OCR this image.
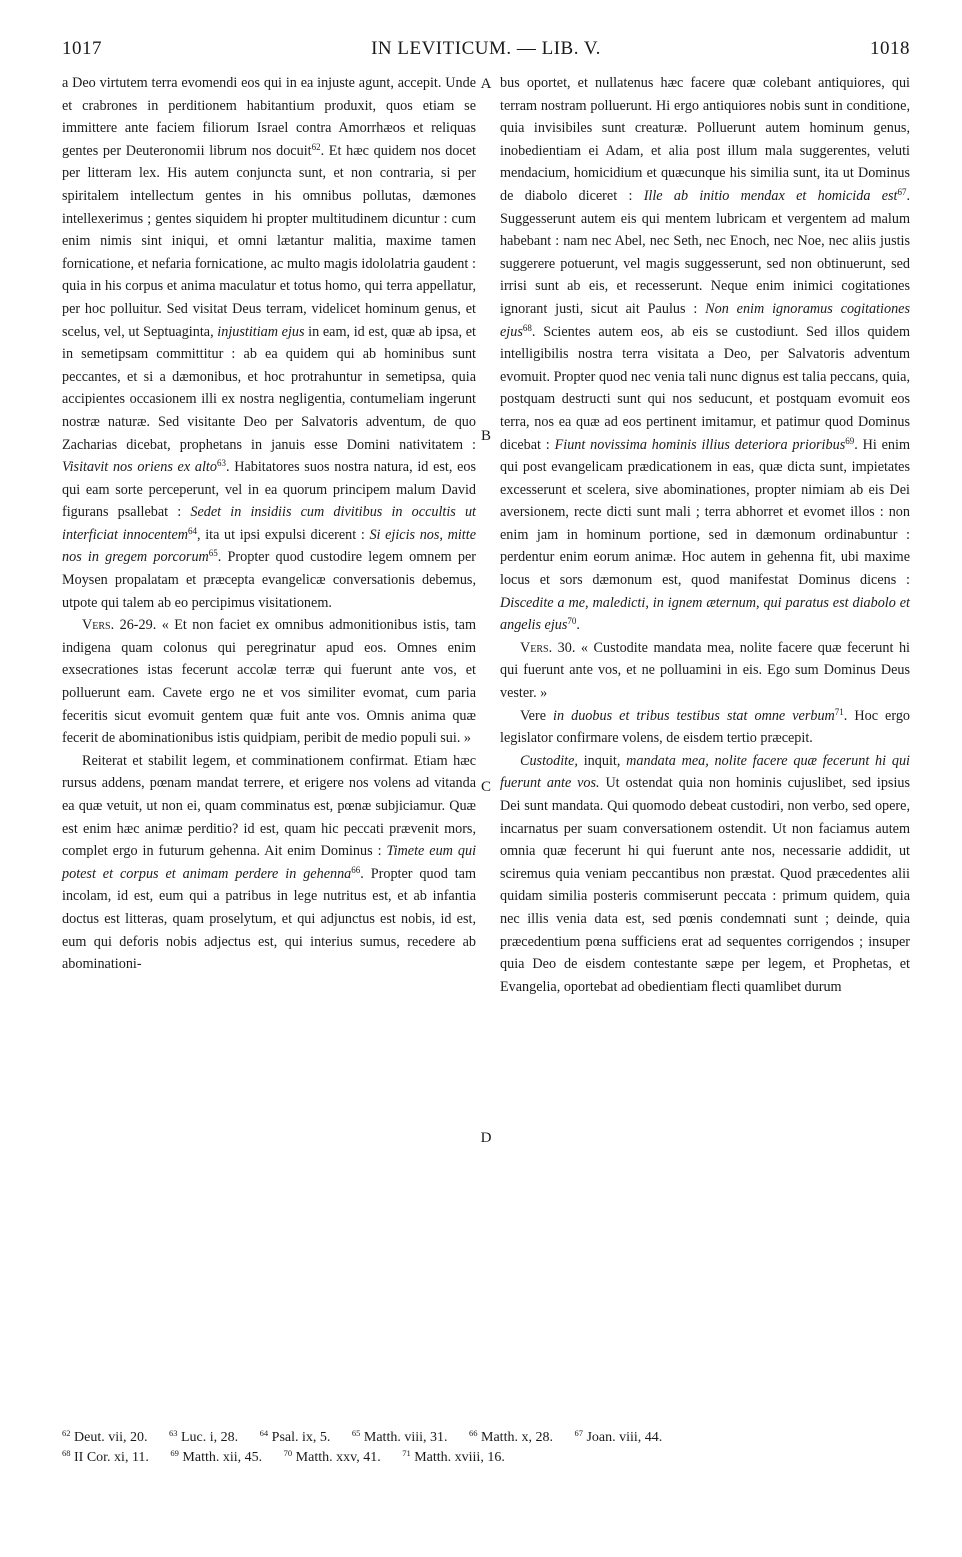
1017	IN LEVITICUM. — LIB. V.	1018
A
B
C
D

a Deo virtutem terra evomendi eos qui in ea injuste agunt, accepit. Unde et crabrones in perditionem habitantium produxit, quos etiam se immittere ante faciem filiorum Israel contra Amorrhæos et reliquas gentes per Deuteronomii librum nos docuit$^{62}$. Et hæc quidem nos docet per litteram lex. His autem conjuncta sunt, et non contraria, si per spiritalem intellectum gentes in his omnibus pollutas, dæmones intellexerimus ; gentes siquidem hi propter multitudinem dicuntur : cum enim nimis sint iniqui, et omni lætantur malitia, maxime tamen fornicatione, et nefaria fornicatione, ac multo magis idololatria gaudent : quia in his corpus et anima maculatur et totus homo, qui terra appellatur, per hoc polluitur. Sed visitat Deus terram, videlicet hominum genus, et scelus, vel, ut Septuaginta, injustitiam ejus in eam, id est, quæ ab ipsa, et in semetipsam committitur : ab ea quidem qui ab hominibus sunt peccantes, et si a dæmonibus, et hoc protrahuntur in semetipsa, quia accipientes occasionem illi ex nostra negligentia, contumeliam ingerunt nostræ naturæ. Sed visitante Deo per Salvatoris adventum, de quo Zacharias dicebat, prophetans in januis esse Domini nativitatem : Visitavit nos oriens ex alto$^{63}$. Habitatores suos nostra natura, id est, eos qui eam sorte perceperunt, vel in ea quorum principem malum David figurans psallebat : Sedet in insidiis cum divitibus in occultis ut interficiat innocentem$^{64}$, ita ut ipsi expulsi dicerent : Si ejicis nos, mitte nos in gregem porcorum$^{65}$. Propter quod custodire legem omnem per Moysen propalatam et præcepta evangelicæ conversationis debemus, utpote qui talem ab eo percipimus visitationem.

Vers. 26-29. « Et non faciet ex omnibus admonitionibus istis, tam indigena quam colonus qui peregrinatur apud eos. Omnes enim exsecrationes istas fecerunt accolæ terræ qui fuerunt ante vos, et polluerunt eam. Cavete ergo ne et vos similiter evomat, cum paria feceritis sicut evomuit gentem quæ fuit ante vos. Omnis anima quæ fecerit de abominationibus istis quidpiam, peribit de medio populi sui. »

Reiterat et stabilit legem, et comminationem confirmat. Etiam hæc rursus addens, pœnam mandat terrere, et erigere nos volens ad vitanda ea quæ vetuit, ut non ei, quam comminatus est, pœnæ subjiciamur. Quæ est enim hæc animæ perditio? id est, quam hic peccati prævenit mors, complet ergo in futurum gehenna. Ait enim Dominus : Timete eum qui potest et corpus et animam perdere in gehenna$^{66}$. Propter quod tam incolam, id est, eum qui a patribus in lege nutritus est, et ab infantia doctus est litteras, quam proselytum, et qui adjunctus est nobis, id est, eum qui deforis nobis adjectus est, qui interius sumus, recedere ab abominationi-

bus oportet, et nullatenus hæc facere quæ colebant antiquiores, qui terram nostram polluerunt. Hi ergo antiquiores nobis sunt in conditione, quia invisibiles sunt creaturæ. Polluerunt autem hominum genus, inobedientiam ei Adam, et alia post illum mala suggerentes, veluti mendacium, homicidium et quæcunque his similia sunt, ita ut Dominus de diabolo diceret : Ille ab initio mendax et homicida est$^{67}$. Suggesserunt autem eis qui mentem lubricam et vergentem ad malum habebant : nam nec Abel, nec Seth, nec Enoch, nec Noe, nec aliis justis suggerere potuerunt, vel magis suggesserunt, sed non obtinuerunt, sed irrisi sunt ab eis, et recesserunt. Neque enim inimici cogitationes ignorant justi, sicut ait Paulus : Non enim ignoramus cogitationes ejus$^{68}$. Scientes autem eos, ab eis se custodiunt. Sed illos quidem intelligibilis nostra terra visitata a Deo, per Salvatoris adventum evomuit. Propter quod nec venia tali nunc dignus est talia peccans, quia, postquam destructi sunt qui nos seducunt, et postquam evomuit eos terra, nos ea quæ ad eos pertinent imitamur, et patimur quod Dominus dicebat : Fiunt novissima hominis illius deteriora prioribus$^{69}$. Hi enim qui post evangelicam prædicationem in eas, quæ dicta sunt, impietates excesserunt et scelera, sive abominationes, propter nimiam ab eis Dei aversionem, recte dicti sunt mali ; terra abhorret et evomet illos : non enim jam in hominum portione, sed in dæmonum ordinabuntur : perdentur enim eorum animæ. Hoc autem in gehenna fit, ubi maxime locus et sors dæmonum est, quod manifestat Dominus dicens : Discedite a me, maledicti, in ignem æternum, qui paratus est diabolo et angelis ejus$^{70}$.

Vers. 30. « Custodite mandata mea, nolite facere quæ fecerunt hi qui fuerunt ante vos, et ne polluamini in eis. Ego sum Dominus Deus vester. »

Vere in duobus et tribus testibus stat omne verbum$^{71}$. Hoc ergo legislator confirmare volens, de eisdem tertio præcepit.

Custodite, inquit, mandata mea, nolite facere quæ fecerunt hi qui fuerunt ante vos. Ut ostendat quia non hominis cujuslibet, sed ipsius Dei sunt mandata. Qui quomodo debeat custodiri, non verbo, sed opere, incarnatus per suam conversationem ostendit. Ut non faciamus autem omnia quæ fecerunt hi qui fuerunt ante nos, necessarie addidit, ut sciremus quia veniam peccantibus non præstat. Quod præcedentes alii quidam similia posteris commiserunt peccata : primum quidem, quia nec illis venia data est, sed pœnis condemnati sunt ; deinde, quia præcedentium pœna sufficiens erat ad sequentes corrigendos ; insuper quia Deo de eisdem contestante sæpe per legem, et Prophetas, et Evangelia, oportebat ad obedientiam flecti quamlibet durum

$^{62}$ Deut. vii, 20.	$^{63}$ Luc. i, 28.	$^{64}$ Psal. ix, 5.	$^{65}$ Matth. viii, 31.	$^{66}$ Matth. x, 28.	$^{67}$ Joan. viii, 44.
$^{68}$ II Cor. xi, 11.	$^{69}$ Matth. xii, 45.	$^{70}$ Matth. xxv, 41.	$^{71}$ Matth. xviii, 16.
